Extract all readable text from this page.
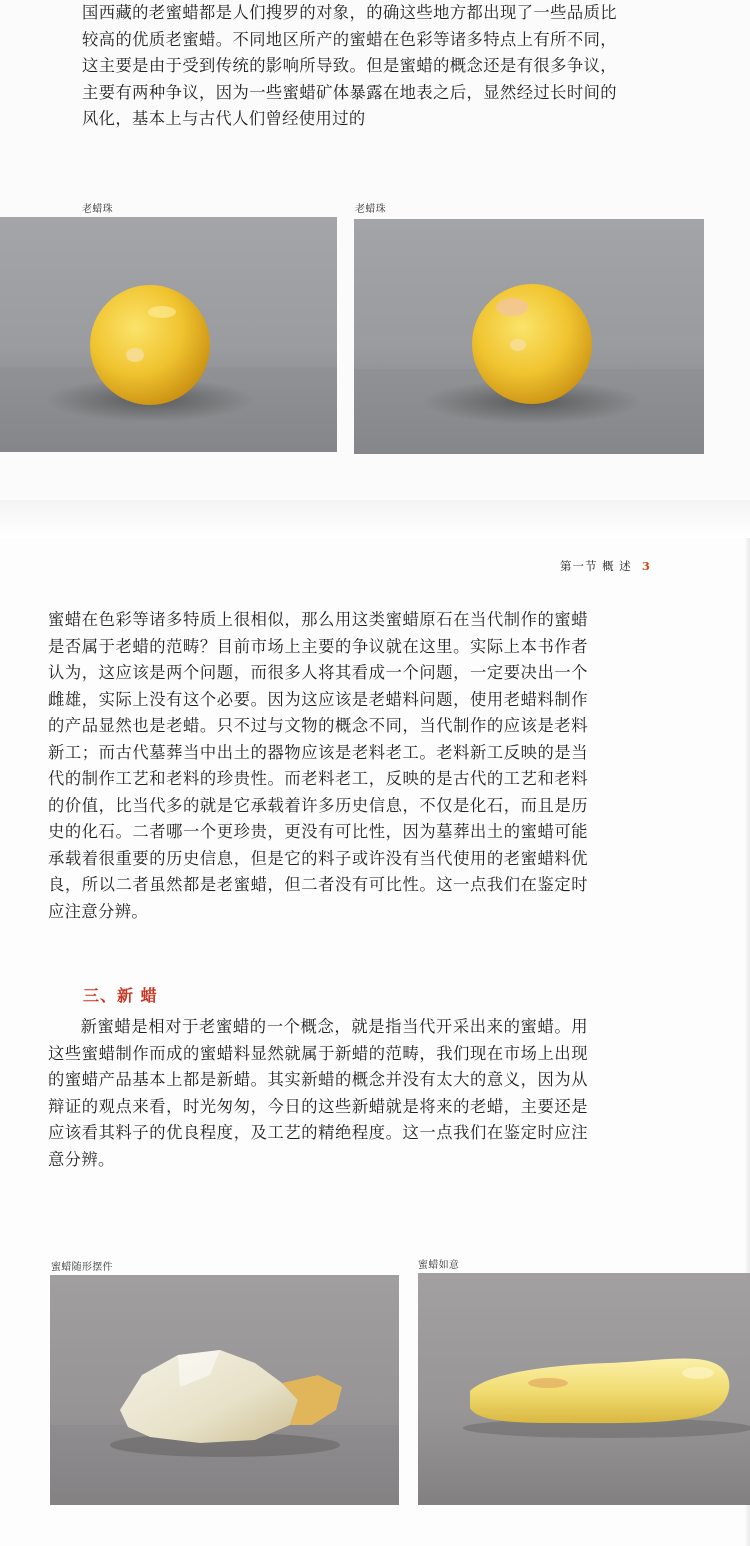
国西藏的老蜜蜡都是人们搜罗的对象，的确这些地方都出现了一些品质比较高的优质老蜜蜡。不同地区所产的蜜蜡在色彩等诸多特点上有所不同，这主要是由于受到传统的影响所导致。但是蜜蜡的概念还是有很多争议，主要有两种争议，因为一些蜜蜡矿体暴露在地表之后，显然经过长时间的风化，基本上与古代人们曾经使用过的

老蜡珠	老蜡珠
第一节 概 述 3

蜜蜡在色彩等诸多特质上很相似，那么用这类蜜蜡原石在当代制作的蜜蜡是否属于老蜡的范畴？目前市场上主要的争议就在这里。实际上本书作者认为，这应该是两个问题，而很多人将其看成一个问题，一定要决出一个雌雄，实际上没有这个必要。因为这应该是老蜡料问题，使用老蜡料制作的产品显然也是老蜡。只不过与文物的概念不同，当代制作的应该是老料新工；而古代墓葬当中出土的器物应该是老料老工。老料新工反映的是当代的制作工艺和老料的珍贵性。而老料老工，反映的是古代的工艺和老料的价值，比当代多的就是它承载着许多历史信息，不仅是化石，而且是历史的化石。二者哪一个更珍贵，更没有可比性，因为墓葬出土的蜜蜡可能承载着很重要的历史信息，但是它的料子或许没有当代使用的老蜜蜡料优良，所以二者虽然都是老蜜蜡，但二者没有可比性。这一点我们在鉴定时应注意分辨。

三、新 蜡

新蜜蜡是相对于老蜜蜡的一个概念，就是指当代开采出来的蜜蜡。用这些蜜蜡制作而成的蜜蜡料显然就属于新蜡的范畴，我们现在市场上出现的蜜蜡产品基本上都是新蜡。其实新蜡的概念并没有太大的意义，因为从辩证的观点来看，时光匆匆，今日的这些新蜡就是将来的老蜡，主要还是应该看其料子的优良程度，及工艺的精绝程度。这一点我们在鉴定时应注意分辨。

蜜蜡随形摆件	蜜蜡如意
